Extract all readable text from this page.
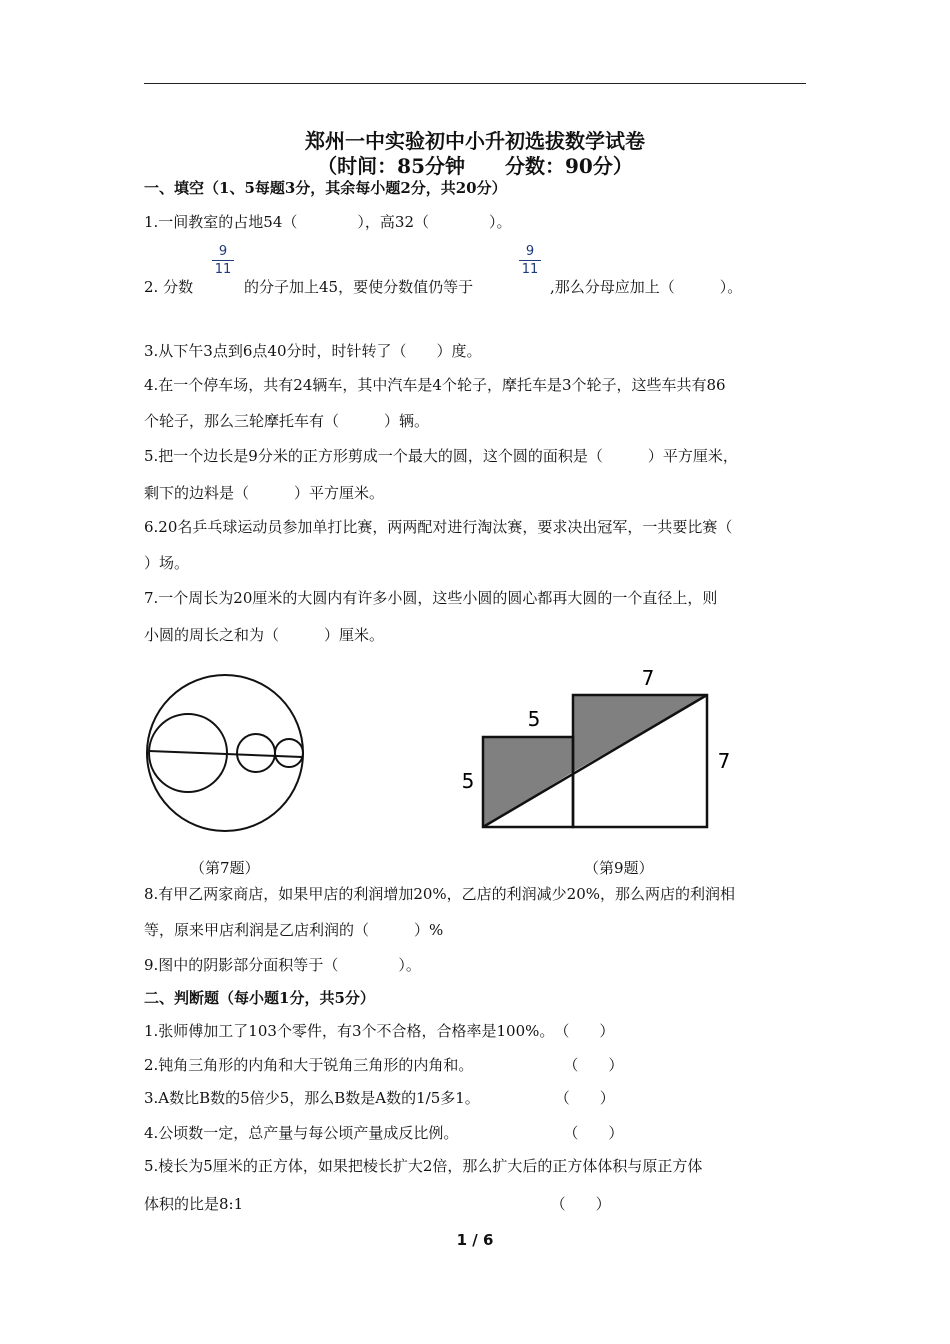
郑州一中实验初中小升初选拔数学试卷
（时间：85分钟　　分数：90分）
一、填空（1、5每题3分，其余每小题2分，共20分）
1.一间教室的占地54（　　　　），高32（　　　　）。
2. 分数
$\frac{9}{11}$
的分子加上45，要使分数值仍等于
$\frac{9}{11}$
,那么分母应加上（　　　）。
3.从下午3点到6点40分时，时针转了（　　）度。
4.在一个停车场，共有24辆车，其中汽车是4个轮子，摩托车是3个轮子，这些车共有86
个轮子，那么三轮摩托车有（　　　）辆。
5.把一个边长是9分米的正方形剪成一个最大的圆，这个圆的面积是（　　　）平方厘米，
剩下的边料是（　　　）平方厘米。
6.20名乒乓球运动员参加单打比赛，两两配对进行淘汰赛，要求决出冠军，一共要比赛（
）场。
7.一个周长为20厘米的大圆内有许多小圆，这些小圆的圆心都再大圆的一个直径上，则
小圆的周长之和为（　　　）厘米。
7
5
5
7
（第7题）	（第9题）
8.有甲乙两家商店，如果甲店的利润增加20%，乙店的利润减少20%，那么两店的利润相
等，原来甲店利润是乙店利润的（　　　）%
9.图中的阴影部分面积等于（　　　　）。
二、判断题（每小题1分，共5分）
1.张师傅加工了103个零件，有3个不合格，合格率是100%。　（　　）
2.钝角三角形的内角和大于锐角三角形的内角和。　　　　　　　（　　）
3.A数比B数的5倍少5，那么B数是A数的1/5多1。　　　　　　（　　）
4.公顷数一定，总产量与每公顷产量成反比例。　　　　　　　　（　　）
5.棱长为5厘米的正方体，如果把棱长扩大2倍，那么扩大后的正方体体积与原正方体
体积的比是8:1　　　　　　　　　　　　　　　　　　　　　（　　）
1 / 6
